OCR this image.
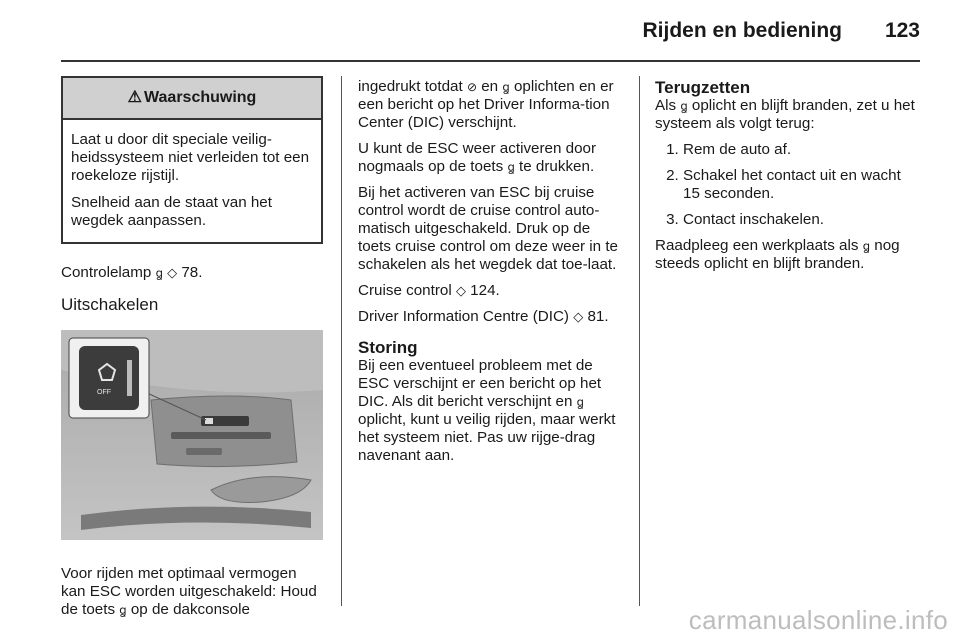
Rijden en bediening 123
⚠ Waarschuwing

Laat u door dit speciale veilig-heidssysteem niet verleiden tot een roekeloze rijstijl.

Snelheid aan de staat van het wegdek aanpassen.

Controlelamp ꬶ ◇ 78.

Uitschakelen
OFF

Voor rijden met optimaal vermogen kan ESC worden uitgeschakeld: Houd de toets ꬶ op de dakconsole

ingedrukt totdat ⊘ en ꬶ oplichten en er een bericht op het Driver Informa-tion Center (DIC) verschijnt.

U kunt de ESC weer activeren door nogmaals op de toets ꬶ te drukken.

Bij het activeren van ESC bij cruise control wordt de cruise control auto-matisch uitgeschakeld. Druk op de toets cruise control om deze weer in te schakelen als het wegdek dat toe-laat.

Cruise control ◇ 124.

Driver Information Centre (DIC) ◇ 81.

Storing

Bij een eventueel probleem met de ESC verschijnt er een bericht op het DIC. Als dit bericht verschijnt en ꬶ oplicht, kunt u veilig rijden, maar werkt het systeem niet. Pas uw rijge-drag navenant aan.

Terugzetten

Als ꬶ oplicht en blijft branden, zet u het systeem als volgt terug:

1. Rem de auto af.
2. Schakel het contact uit en wacht 15 seconden.
3. Contact inschakelen.

Raadpleeg een werkplaats als ꬶ nog steeds oplicht en blijft branden.

carmanualsonline.info
